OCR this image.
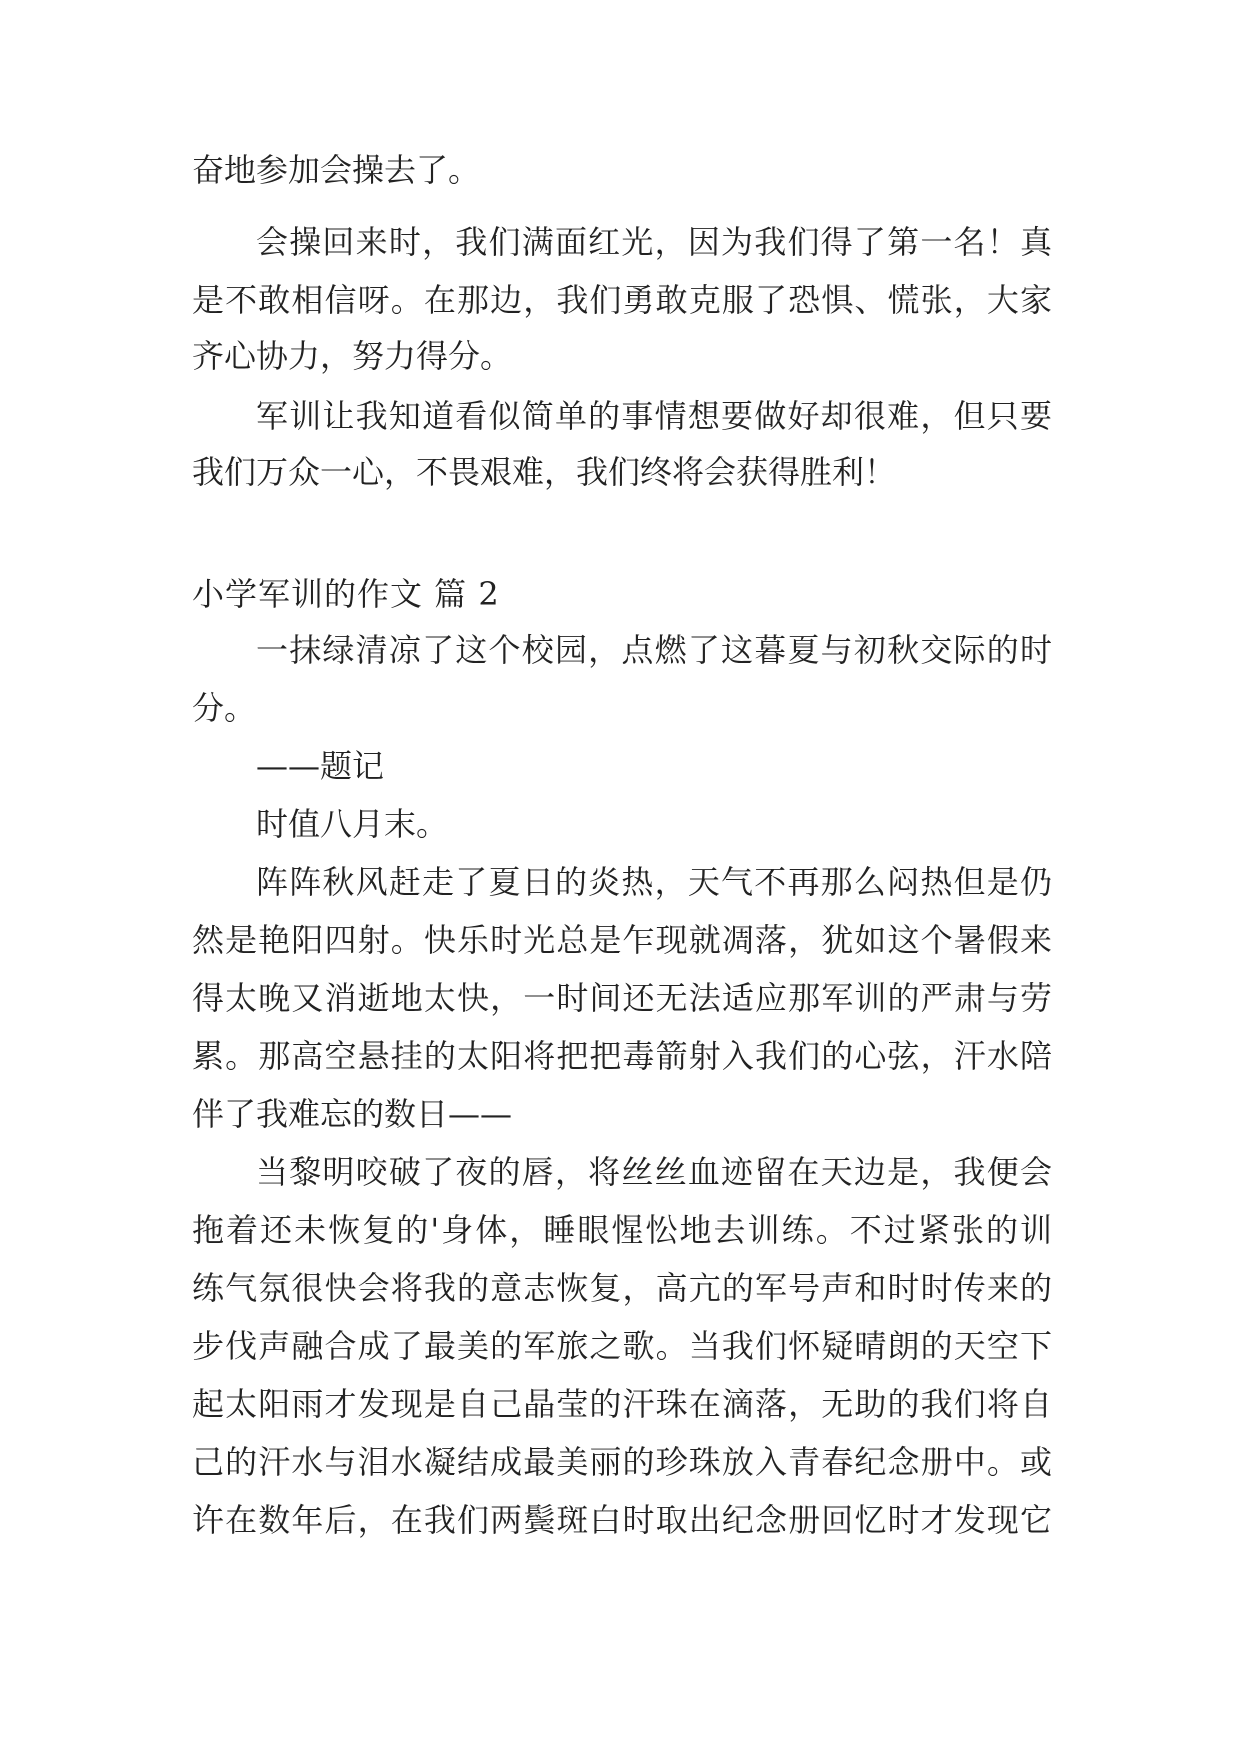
奋地参加会操去了。
会操回来时，我们满面红光，因为我们得了第一名！真
是不敢相信呀。在那边，我们勇敢克服了恐惧、慌张，大家
齐心协力，努力得分。
军训让我知道看似简单的事情想要做好却很难，但只要
我们万众一心，不畏艰难，我们终将会获得胜利！
小学军训的作文 篇 2
一抹绿清凉了这个校园，点燃了这暮夏与初秋交际的时
分。
——题记
时值八月末。
阵阵秋风赶走了夏日的炎热，天气不再那么闷热但是仍
然是艳阳四射。快乐时光总是乍现就凋落，犹如这个暑假来
得太晚又消逝地太快，一时间还无法适应那军训的严肃与劳
累。那高空悬挂的太阳将把把毒箭射入我们的心弦，汗水陪
伴了我难忘的数日——
当黎明咬破了夜的唇，将丝丝血迹留在天边是，我便会
拖着还未恢复的'身体，睡眼惺忪地去训练。不过紧张的训
练气氛很快会将我的意志恢复，高亢的军号声和时时传来的
步伐声融合成了最美的军旅之歌。当我们怀疑晴朗的天空下
起太阳雨才发现是自己晶莹的汗珠在滴落，无助的我们将自
己的汗水与泪水凝结成最美丽的珍珠放入青春纪念册中。或
许在数年后，在我们两鬓斑白时取出纪念册回忆时才发现它
